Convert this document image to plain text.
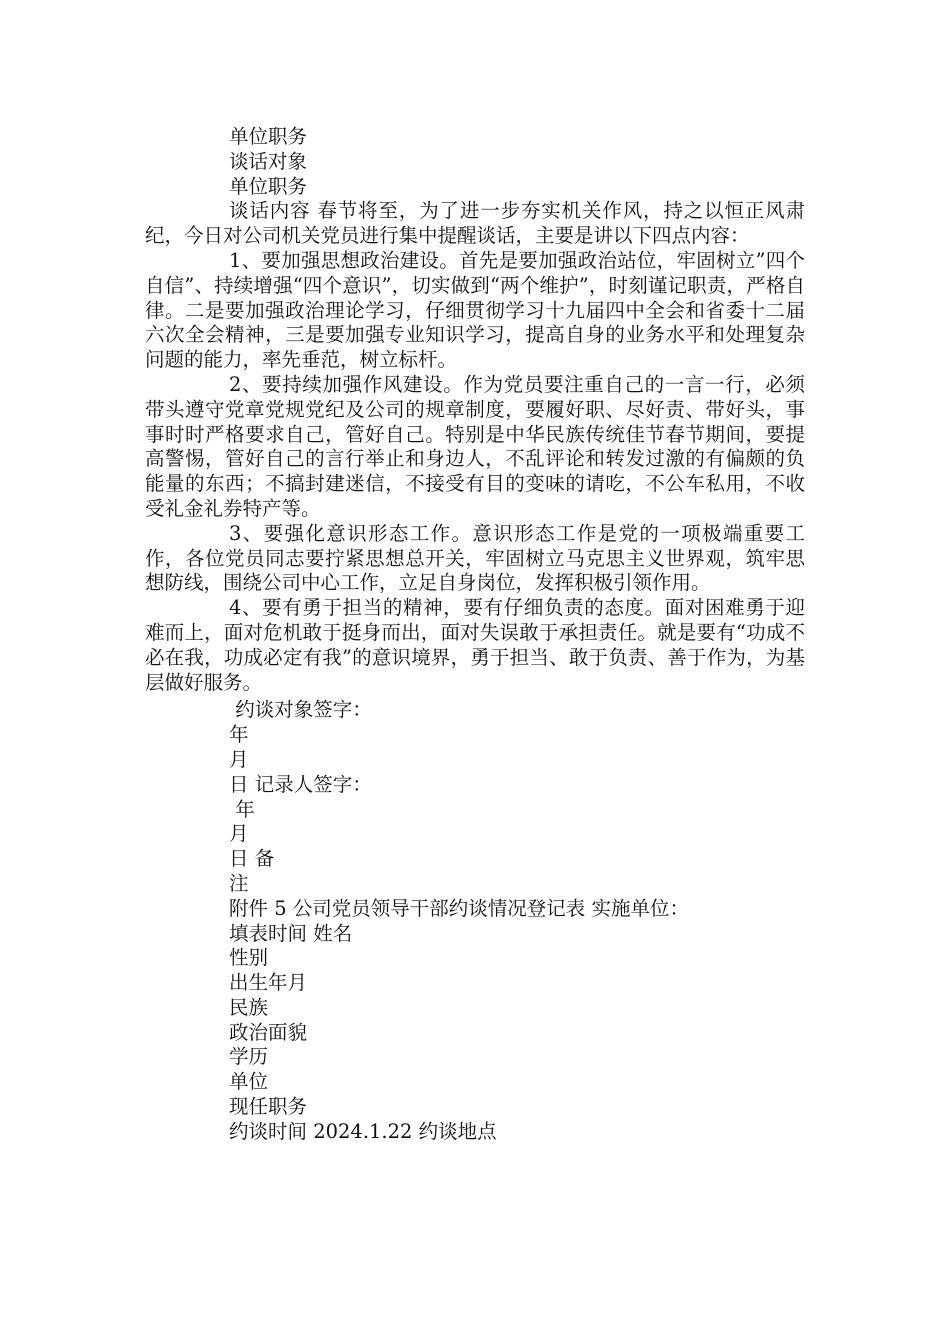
单位职务
谈话对象
单位职务

谈话内容 春节将至，为了进一步夯实机关作风，持之以恒正风肃纪，今日对公司机关党员进行集中提醒谈话，主要是讲以下四点内容：

1、要加强思想政治建设。首先是要加强政治站位，牢固树立”四个自信”、持续增强“四个意识”，切实做到“两个维护”，时刻谨记职责，严格自律。二是要加强政治理论学习，仔细贯彻学习十九届四中全会和省委十二届六次全会精神，三是要加强专业知识学习，提高自身的业务水平和处理复杂问题的能力，率先垂范，树立标杆。

2、要持续加强作风建设。作为党员要注重自己的一言一行，必须带头遵守党章党规党纪及公司的规章制度，要履好职、尽好责、带好头，事事时时严格要求自己，管好自己。特别是中华民族传统佳节春节期间，要提高警惕，管好自己的言行举止和身边人，不乱评论和转发过激的有偏颇的负能量的东西；不搞封建迷信，不接受有目的变味的请吃，不公车私用，不收受礼金礼券特产等。

3、要强化意识形态工作。意识形态工作是党的一项极端重要工作，各位党员同志要拧紧思想总开关，牢固树立马克思主义世界观，筑牢思想防线，围绕公司中心工作，立足自身岗位，发挥积极引领作用。

4、要有勇于担当的精神，要有仔细负责的态度。面对困难勇于迎难而上，面对危机敢于挺身而出，面对失误敢于承担责任。就是要有“功成不必在我，功成必定有我”的意识境界，勇于担当、敢于负责、善于作为，为基层做好服务。

约谈对象签字：
年
月
日 记录人签字：
年
月
日 备
注
附件 5 公司党员领导干部约谈情况登记表 实施单位：
填表时间 姓名
性别
出生年月
民族
政治面貌
学历
单位
现任职务
约谈时间 2024.1.22 约谈地点
